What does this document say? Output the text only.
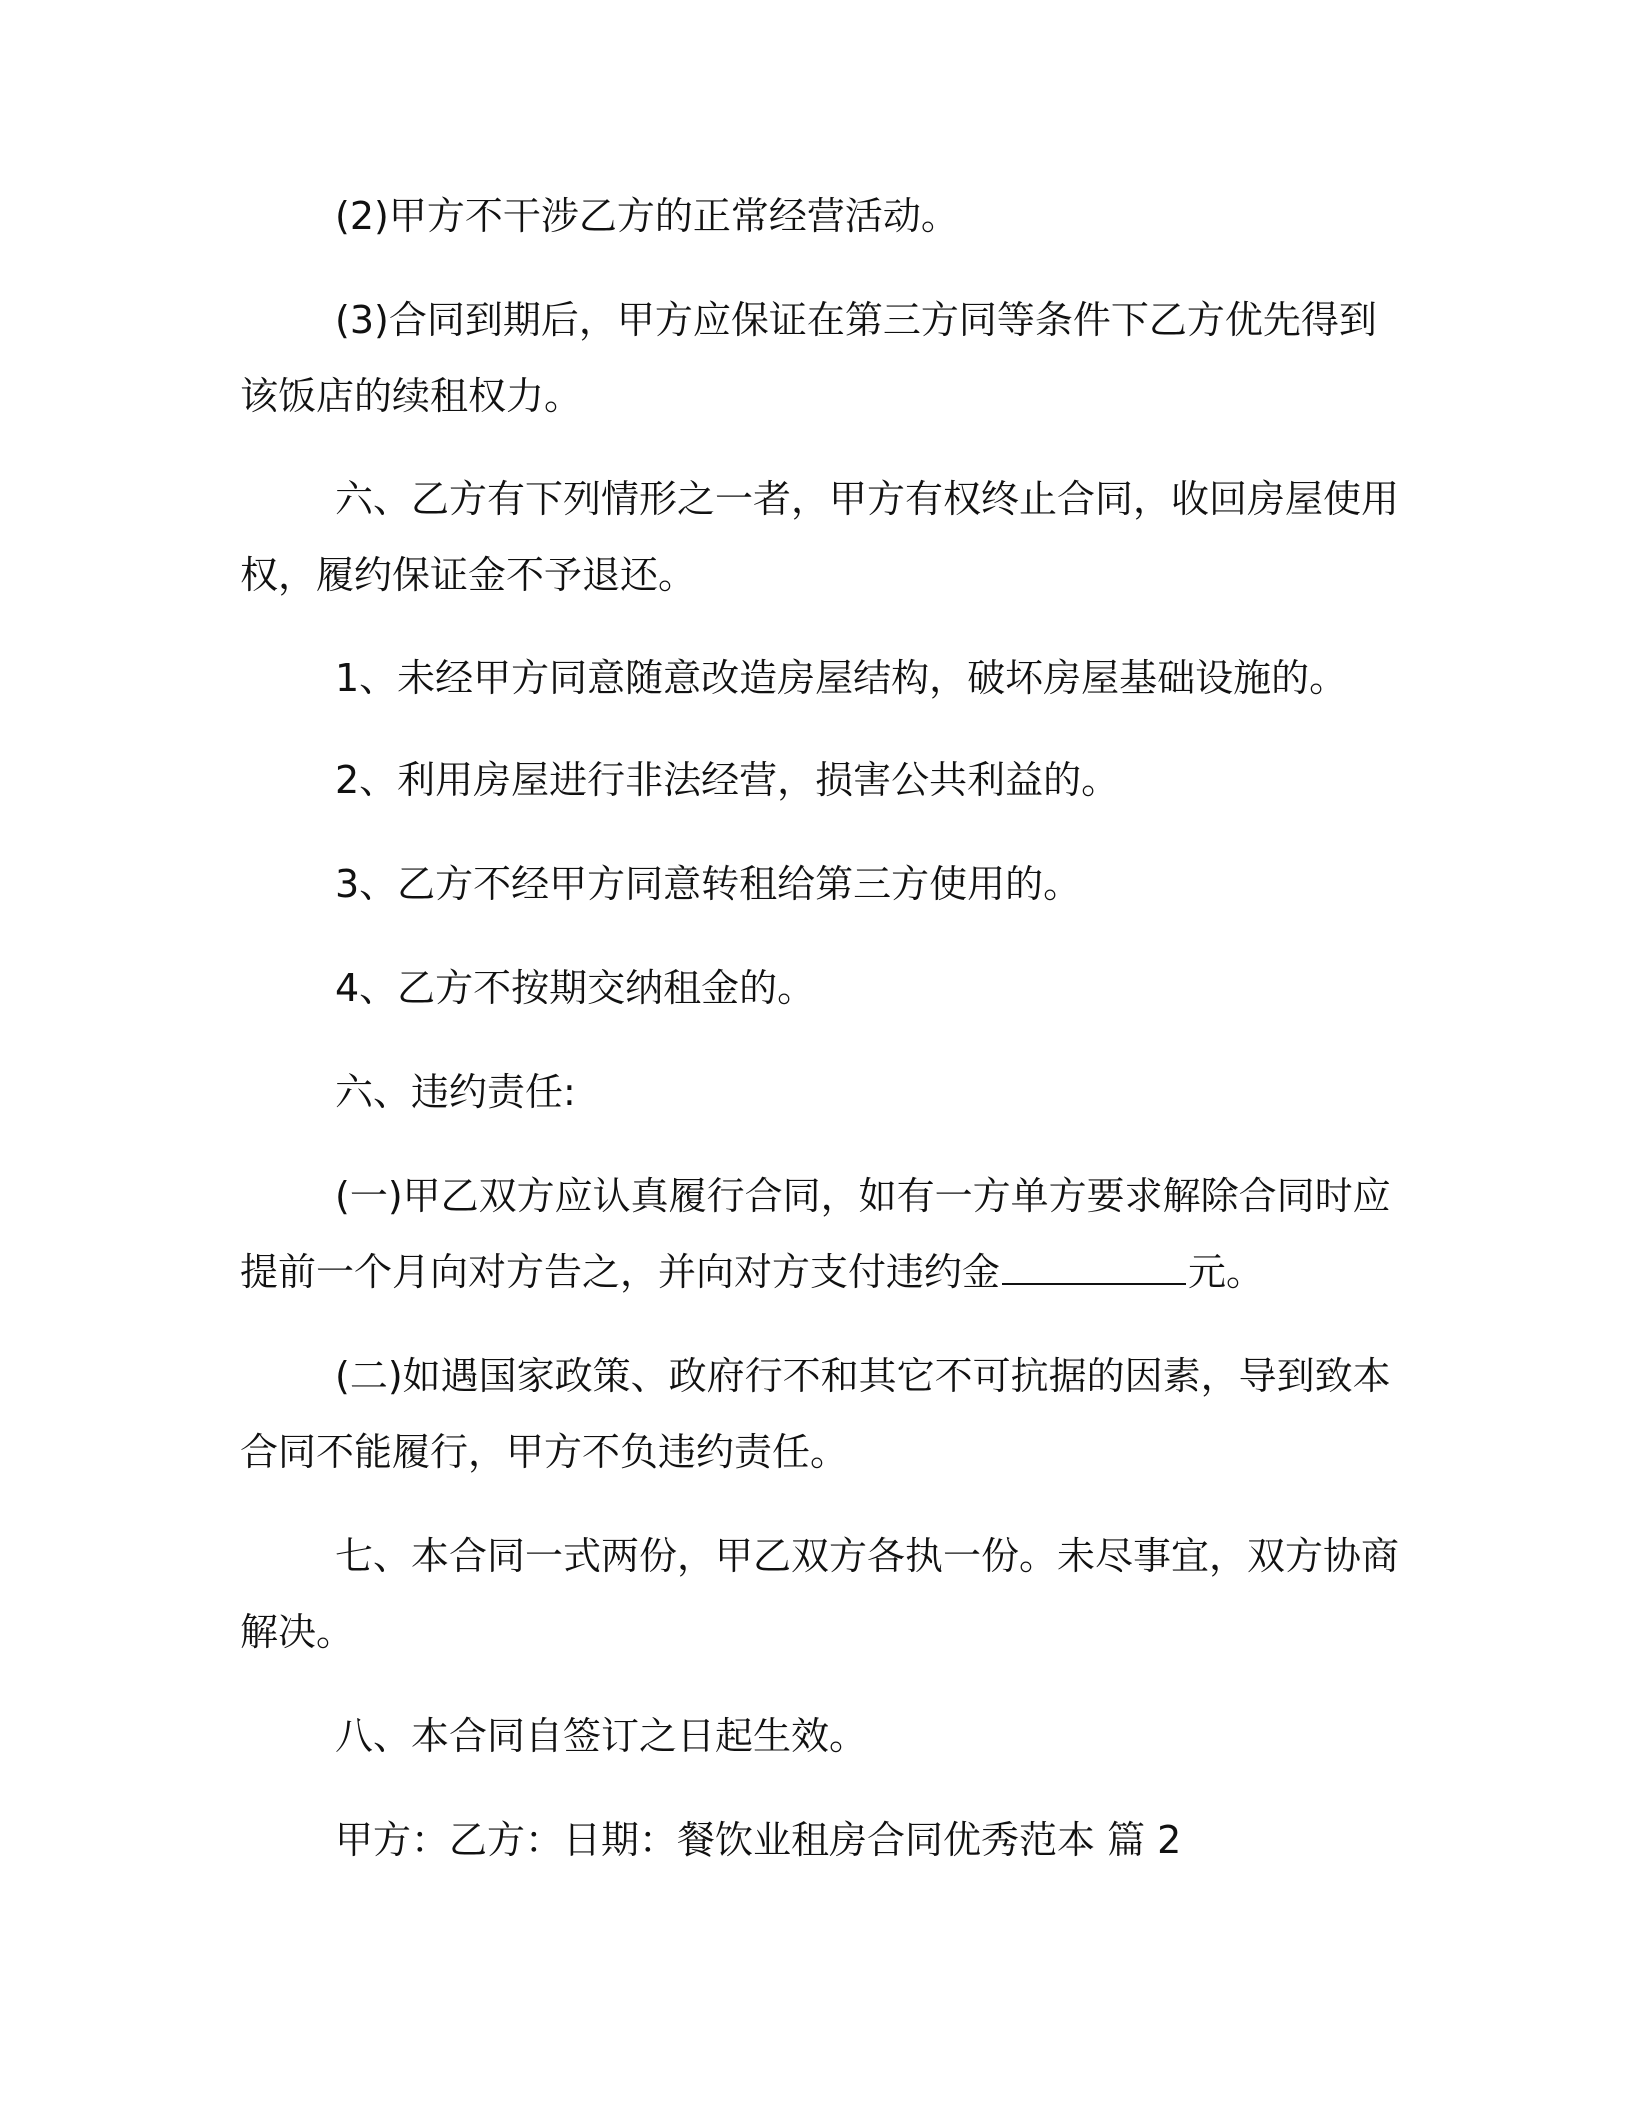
(2)甲方不干涉乙方的正常经营活动。

(3)合同到期后，甲方应保证在第三方同等条件下乙方优先得到该饭店的续租权力。

六、乙方有下列情形之一者，甲方有权终止合同，收回房屋使用权，履约保证金不予退还。

1、未经甲方同意随意改造房屋结构，破坏房屋基础设施的。

2、利用房屋进行非法经营，损害公共利益的。

3、乙方不经甲方同意转租给第三方使用的。

4、乙方不按期交纳租金的。

六、违约责任:

(一)甲乙双方应认真履行合同，如有一方单方要求解除合同时应提前一个月向对方告之，并向对方支付违约金	元。

(二)如遇国家政策、政府行不和其它不可抗据的因素，导到致本合同不能履行，甲方不负违约责任。

七、本合同一式两份，甲乙双方各执一份。未尽事宜，双方协商解决。

八、本合同自签订之日起生效。

甲方：乙方：日期：餐饮业租房合同优秀范本 篇 2
